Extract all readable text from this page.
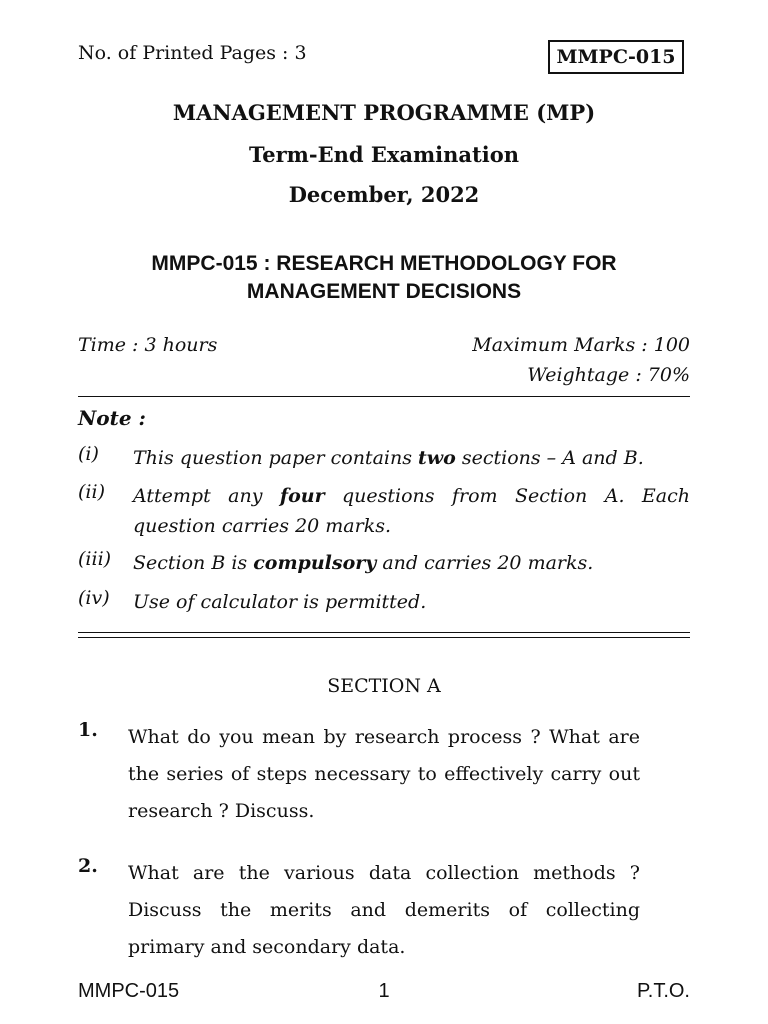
No. of Printed Pages : 3	MMPC-015
MANAGEMENT PROGRAMME (MP)
Term-End Examination
December, 2022
MMPC-015 : RESEARCH METHODOLOGY FOR
MANAGEMENT DECISIONS
Time : 3 hours	Maximum Marks : 100
Weightage : 70%
Note :
(i)	This question paper contains two sections – A and B.
(ii)	Attempt any four questions from Section A. Each question carries 20 marks.
(iii)	Section B is compulsory and carries 20 marks.
(iv)	Use of calculator is permitted.
SECTION A
1.	What do you mean by research process ? What are the series of steps necessary to effectively carry out research ? Discuss.
2.	What are the various data collection methods ? Discuss the merits and demerits of collecting primary and secondary data.
MMPC-015	1	P.T.O.
